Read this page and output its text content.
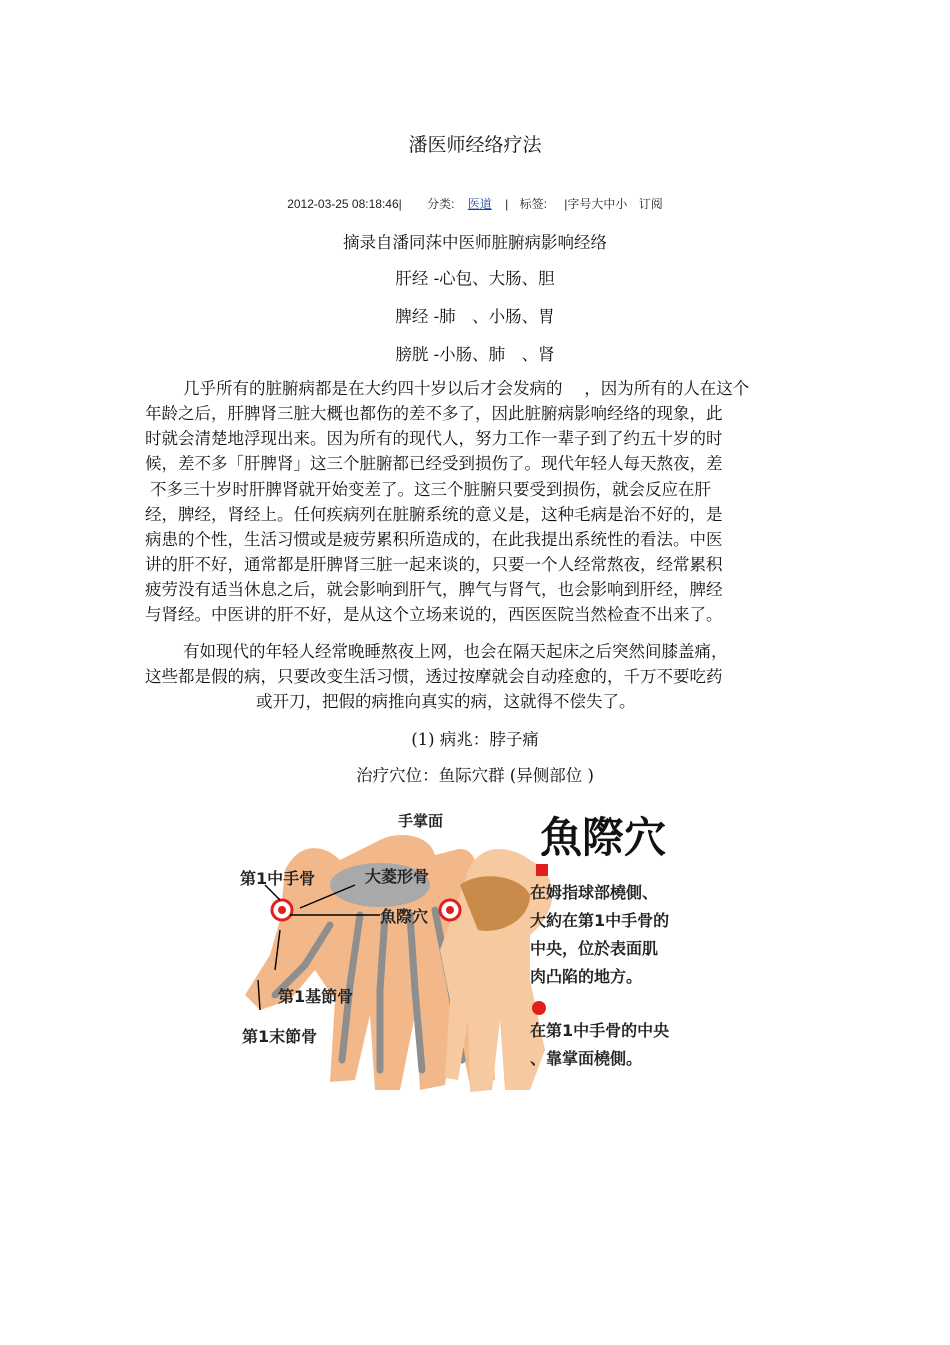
潘医师经络疗法
2012-03-25 08:18:46| 分类: 医道 | 标签: |字号大中小 订阅
摘录自潘同莯中医师脏腑病影响经络
肝经 -心包、大肠、胆
脾经 -肺　、小肠、胃
膀胱 -小肠、肺　、肾
几乎所有的脏腑病都是在大约四十岁以后才会发病的　 ，因为所有的人在这个
年龄之后，肝脾肾三脏大概也都伤的差不多了，因此脏腑病影响经络的现象，此
时就会清楚地浮现出来。因为所有的现代人，努力工作一辈子到了约五十岁的时
候，差不多「肝脾肾」这三个脏腑都已经受到损伤了。现代年轻人每天熬夜，差
不多三十岁时肝脾肾就开始变差了。这三个脏腑只要受到损伤，就会反应在肝
经，脾经，肾经上。任何疾病列在脏腑系统的意义是，这种毛病是治不好的，是
病患的个性，生活习惯或是疲劳累积所造成的，在此我提出系统性的看法。中医
讲的肝不好，通常都是肝脾肾三脏一起来谈的，只要一个人经常熬夜，经常累积
疲劳没有适当休息之后，就会影响到肝气，脾气与肾气，也会影响到肝经，脾经
与肾经。中医讲的肝不好，是从这个立场来说的，西医医院当然检查不出来了。
有如现代的年轻人经常晚睡熬夜上网，也会在隔天起床之后突然间膝盖痛，
这些都是假的病，只要改变生活习惯，透过按摩就会自动痊愈的，千万不要吃药
或开刀，把假的病推向真实的病，这就得不偿失了。
(1) 病兆：脖子痛
治疗穴位：鱼际穴群 (异侧部位 )
手掌面
第1中手骨	大菱形骨
魚際穴
第1基節骨
第1末節骨
魚際穴
在姆指球部橈側、
大約在第1中手骨的
中央，位於表面肌
肉凸陷的地方。
在第1中手骨的中央
、靠掌面橈側。
